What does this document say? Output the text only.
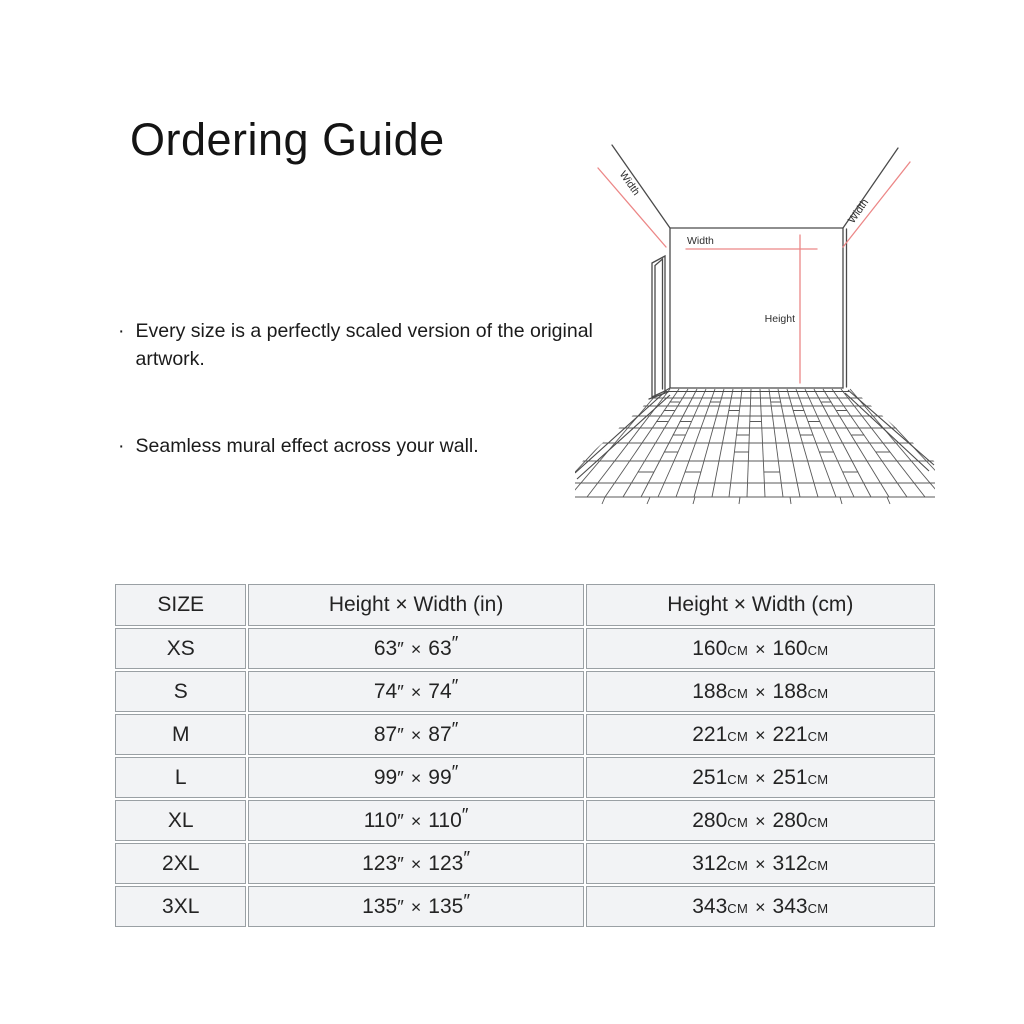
Ordering Guide

· Every size is a perfectly scaled version of the original artwork.

· Seamless mural effect across your wall.

Width
Width
Width
Height
SIZE	Height × Width (in)	Height × Width (cm)
XS	63″ × 63″	160CM × 160CM
S	74″ × 74″	188CM × 188CM
M	87″ × 87″	221CM × 221CM
L	99″ × 99″	251CM × 251CM
XL	110″ × 110″	280CM × 280CM
2XL	123″ × 123″	312CM × 312CM
3XL	135″ × 135″	343CM × 343CM
